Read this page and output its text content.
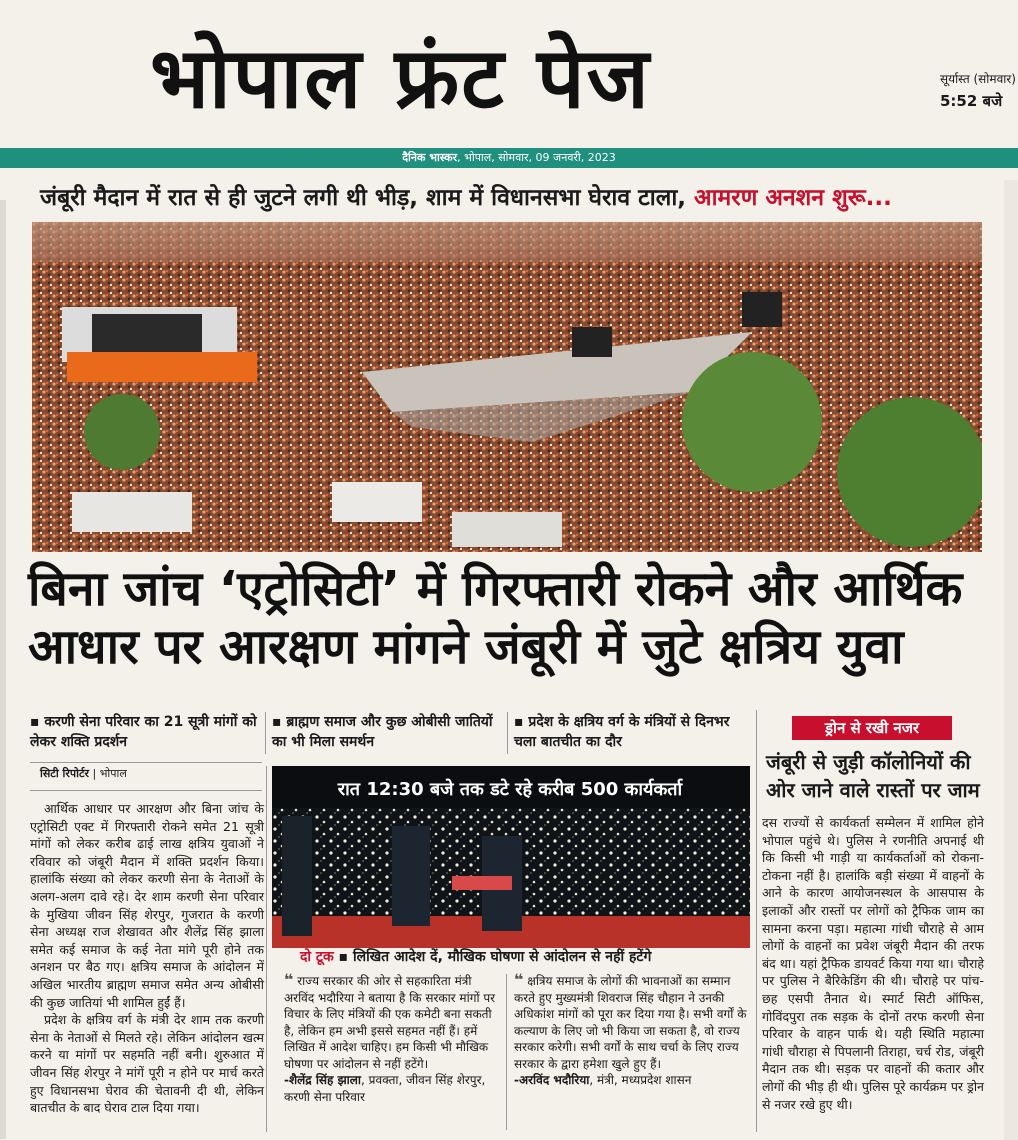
भोपाल फ्रंट पेज	सूर्यास्त (सोमवार)
5:52 बजे
दैनिक भास्कर, भोपाल, सोमवार, 09 जनवरी, 2023
जंबूरी मैदान में रात से ही जुटने लगी थी भीड़, शाम में विधानसभा घेराव टाला, आमरण अनशन शुरू...
बिना जांच ‘एट्रोसिटी’ में गिरफ्तारी रोकने और आर्थिक
आधार पर आरक्षण मांगने जंबूरी में जुटे क्षत्रिय युवा
▪ करणी सेना परिवार का 21 सूत्री मांगों को लेकर शक्ति प्रदर्शन
▪ ब्राह्मण समाज और कुछ ओबीसी जातियों का भी मिला समर्थन
▪ प्रदेश के क्षत्रिय वर्ग के मंत्रियों से दिनभर चला बातचीत का दौर
सिटी रिपोर्टर | भोपाल

आर्थिक आधार पर आरक्षण और बिना जांच के एट्रोसिटी एक्ट में गिरफ्तारी रोकने समेत 21 सूत्री मांगों को लेकर करीब ढाई लाख क्षत्रिय युवाओं ने रविवार को जंबूरी मैदान में शक्ति प्रदर्शन किया। हालांकि संख्या को लेकर करणी सेना के नेताओं के अलग-अलग दावे रहे। देर शाम करणी सेना परिवार के मुखिया जीवन सिंह शेरपुर, गुजरात के करणी सेना अध्यक्ष राज शेखावत और शैलेंद्र सिंह झाला समेत कई समाज के कई नेता मांगे पूरी होने तक अनशन पर बैठ गए। क्षत्रिय समाज के आंदोलन में अखिल भारतीय ब्राह्मण समाज समेत अन्य ओबीसी की कुछ जातियां भी शामिल हुईं हैं।

प्रदेश के क्षत्रिय वर्ग के मंत्री देर शाम तक करणी सेना के नेताओं से मिलते रहे। लेकिन आंदोलन खत्म करने या मांगों पर सहमति नहीं बनी। शुरुआत में जीवन सिंह शेरपुर ने मांगें पूरी न होने पर मार्च करते हुए विधानसभा घेराव की चेतावनी दी थी, लेकिन बातचीत के बाद घेराव टाल दिया गया।

रात 12:30 बजे तक डटे रहे करीब 500 कार्यकर्ता
दो टूक ▪ लिखित आदेश दें, मौखिक घोषणा से आंदोलन से नहीं हटेंगे
❝ राज्य सरकार की ओर से सहकारिता मंत्री अरविंद भदौरिया ने बताया है कि सरकार मांगों पर विचार के लिए मंत्रियों की एक कमेटी बना सकती है, लेकिन हम अभी इससे सहमत नहीं हैं। हमें लिखित में आदेश चाहिए। हम किसी भी मौखिक घोषणा पर आंदोलन से नहीं हटेंगे।
-शैलेंद्र सिंह झाला, प्रवक्ता, जीवन सिंह शेरपुर, करणी सेना परिवार
❝ क्षत्रिय समाज के लोगों की भावनाओं का सम्मान करते हुए मुख्यमंत्री शिवराज सिंह चौहान ने उनकी अधिकांश मांगों को पूरा कर दिया गया है। सभी वर्गों के कल्याण के लिए जो भी किया जा सकता है, वो राज्य सरकार करेगी। सभी वर्गों के साथ चर्चा के लिए राज्य सरकार के द्वारा हमेशा खुले हुए हैं।
-अरविंद भदौरिया, मंत्री, मध्यप्रदेश शासन
ड्रोन से रखी नजर
जंबूरी से जुड़ी कॉलोनियों की ओर जाने वाले रास्तों पर जाम
दस राज्यों से कार्यकर्ता सम्मेलन में शामिल होने भोपाल पहुंचे थे। पुलिस ने रणनीति अपनाई थी कि किसी भी गाड़ी या कार्यकर्ताओं को रोकना-टोकना नहीं है। हालांकि बड़ी संख्या में वाहनों के आने के कारण आयोजनस्थल के आसपास के इलाकों और रास्तों पर लोगों को ट्रैफिक जाम का सामना करना पड़ा। महात्मा गांधी चौराहे से आम लोगों के वाहनों का प्रवेश जंबूरी मैदान की तरफ बंद था। यहां ट्रैफिक डायवर्ट किया गया था। चौराहे पर पुलिस ने बैरिकेडिंग की थी। चौराहे पर पांच-छह एसपी तैनात थे। स्मार्ट सिटी ऑफिस, गोविंदपुरा तक सड़क के दोनों तरफ करणी सेना परिवार के वाहन पार्क थे। यही स्थिति महात्मा गांधी चौराहा से पिपलानी तिराहा, चर्च रोड, जंबूरी मैदान तक थी। सड़क पर वाहनों की कतार और लोगों की भीड़ ही थी। पुलिस पूरे कार्यक्रम पर ड्रोन से नजर रखे हुए थी।
